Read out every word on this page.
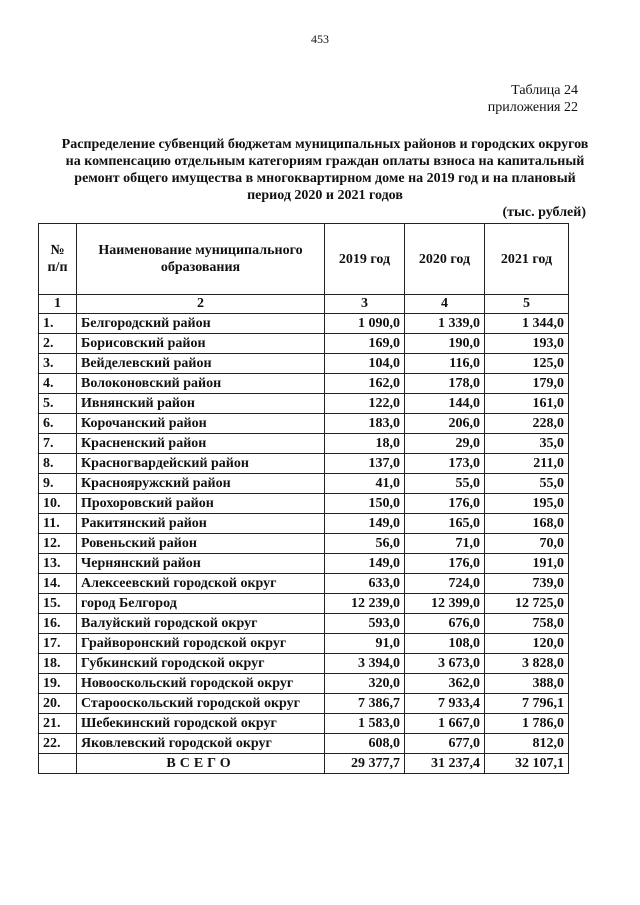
453
Таблица 24
приложения 22
Распределение субвенций бюджетам муниципальных районов и городских округов на компенсацию отдельным категориям граждан оплаты взноса на капитальный ремонт общего имущества в многоквартирном доме на 2019 год и на плановый период 2020 и 2021 годов
(тыс. рублей)
№ п/п	Наименование муниципального образования	2019 год	2020 год	2021 год
1	2	3	4	5
1.	Белгородский район	1 090,0	1 339,0	1 344,0
2.	Борисовский район	169,0	190,0	193,0
3.	Вейделевский район	104,0	116,0	125,0
4.	Волоконовский район	162,0	178,0	179,0
5.	Ивнянский район	122,0	144,0	161,0
6.	Корочанский район	183,0	206,0	228,0
7.	Красненский район	18,0	29,0	35,0
8.	Красногвардейский район	137,0	173,0	211,0
9.	Краснояружский район	41,0	55,0	55,0
10.	Прохоровский район	150,0	176,0	195,0
11.	Ракитянский район	149,0	165,0	168,0
12.	Ровеньский район	56,0	71,0	70,0
13.	Чернянский район	149,0	176,0	191,0
14.	Алексеевский городской округ	633,0	724,0	739,0
15.	город Белгород	12 239,0	12 399,0	12 725,0
16.	Валуйский городской округ	593,0	676,0	758,0
17.	Грайворонский городской округ	91,0	108,0	120,0
18.	Губкинский городской округ	3 394,0	3 673,0	3 828,0
19.	Новооскольский городской округ	320,0	362,0	388,0
20.	Старооскольский городской округ	7 386,7	7 933,4	7 796,1
21.	Шебекинский городской округ	1 583,0	1 667,0	1 786,0
22.	Яковлевский городской округ	608,0	677,0	812,0
	ВСЕГО	29 377,7	31 237,4	32 107,1
